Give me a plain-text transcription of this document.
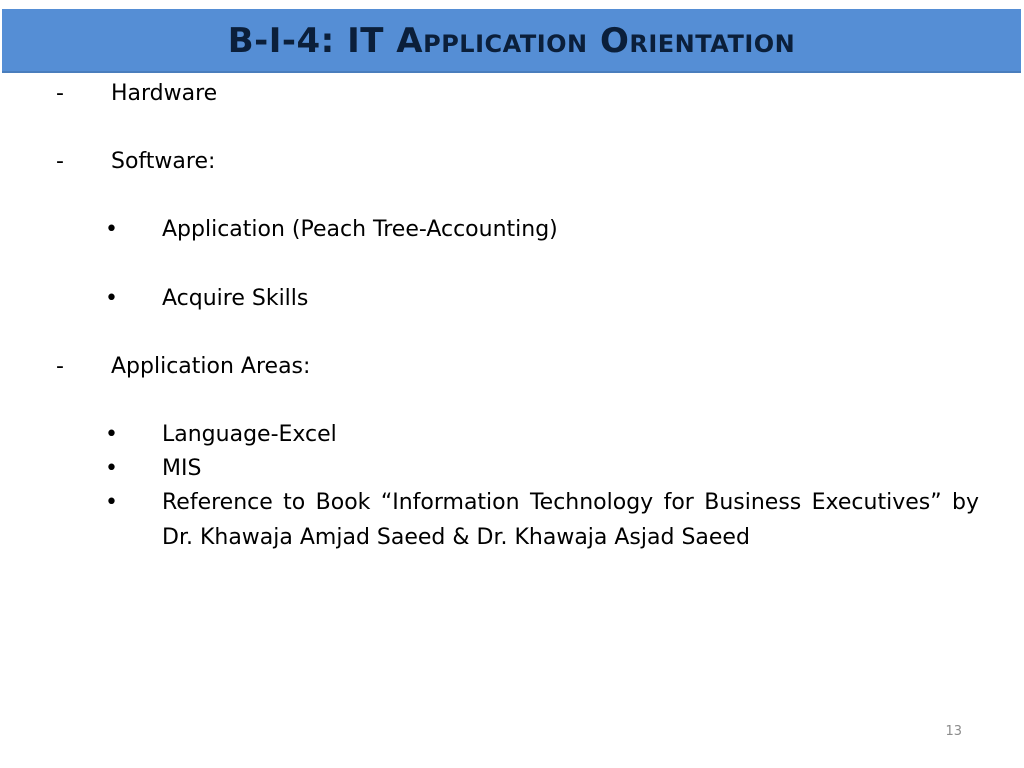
B-I-4: IT Application Orientation
- Hardware
- Software:
• Application (Peach Tree-Accounting)
• Acquire Skills
- Application Areas:
• Language-Excel
• MIS
• Reference to Book “Information Technology for Business Executives” by Dr. Khawaja Amjad Saeed & Dr. Khawaja Asjad Saeed
13
